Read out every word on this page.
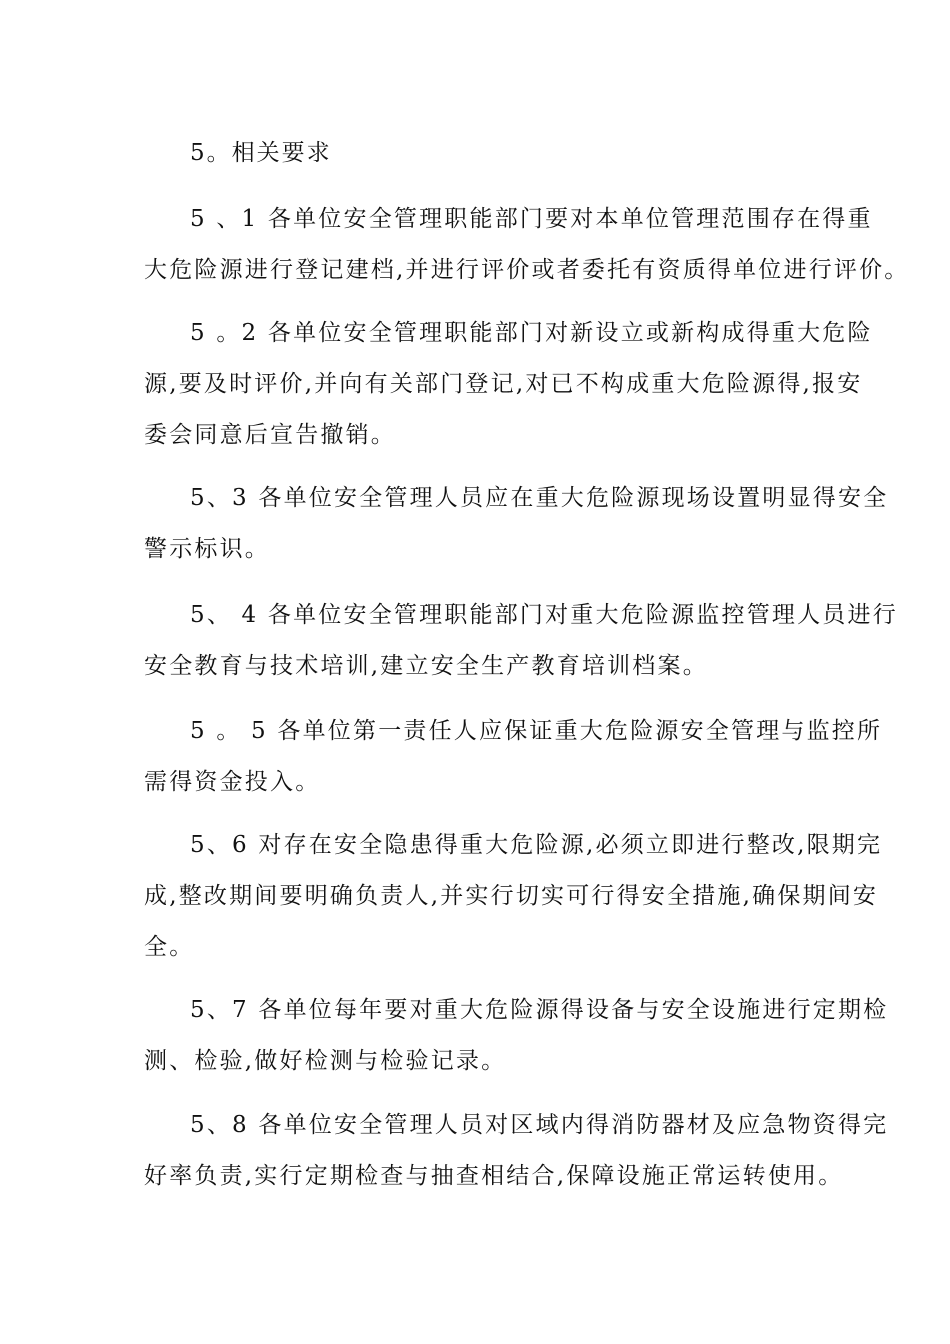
5。相关要求
5 、1 各单位安全管理职能部门要对本单位管理范围存在得重
大危险源进行登记建档,并进行评价或者委托有资质得单位进行评价。
5 。2 各单位安全管理职能部门对新设立或新构成得重大危险
源,要及时评价,并向有关部门登记,对已不构成重大危险源得,报安
委会同意后宣告撤销。
5、3 各单位安全管理人员应在重大危险源现场设置明显得安全
警示标识。
5、 4 各单位安全管理职能部门对重大危险源监控管理人员进行
安全教育与技术培训,建立安全生产教育培训档案。
5 。 5 各单位第一责任人应保证重大危险源安全管理与监控所
需得资金投入。
5、6 对存在安全隐患得重大危险源,必须立即进行整改,限期完
成,整改期间要明确负责人,并实行切实可行得安全措施,确保期间安
全。
5、7 各单位每年要对重大危险源得设备与安全设施进行定期检
测、检验,做好检测与检验记录。
5、8 各单位安全管理人员对区域内得消防器材及应急物资得完
好率负责,实行定期检查与抽查相结合,保障设施正常运转使用。
